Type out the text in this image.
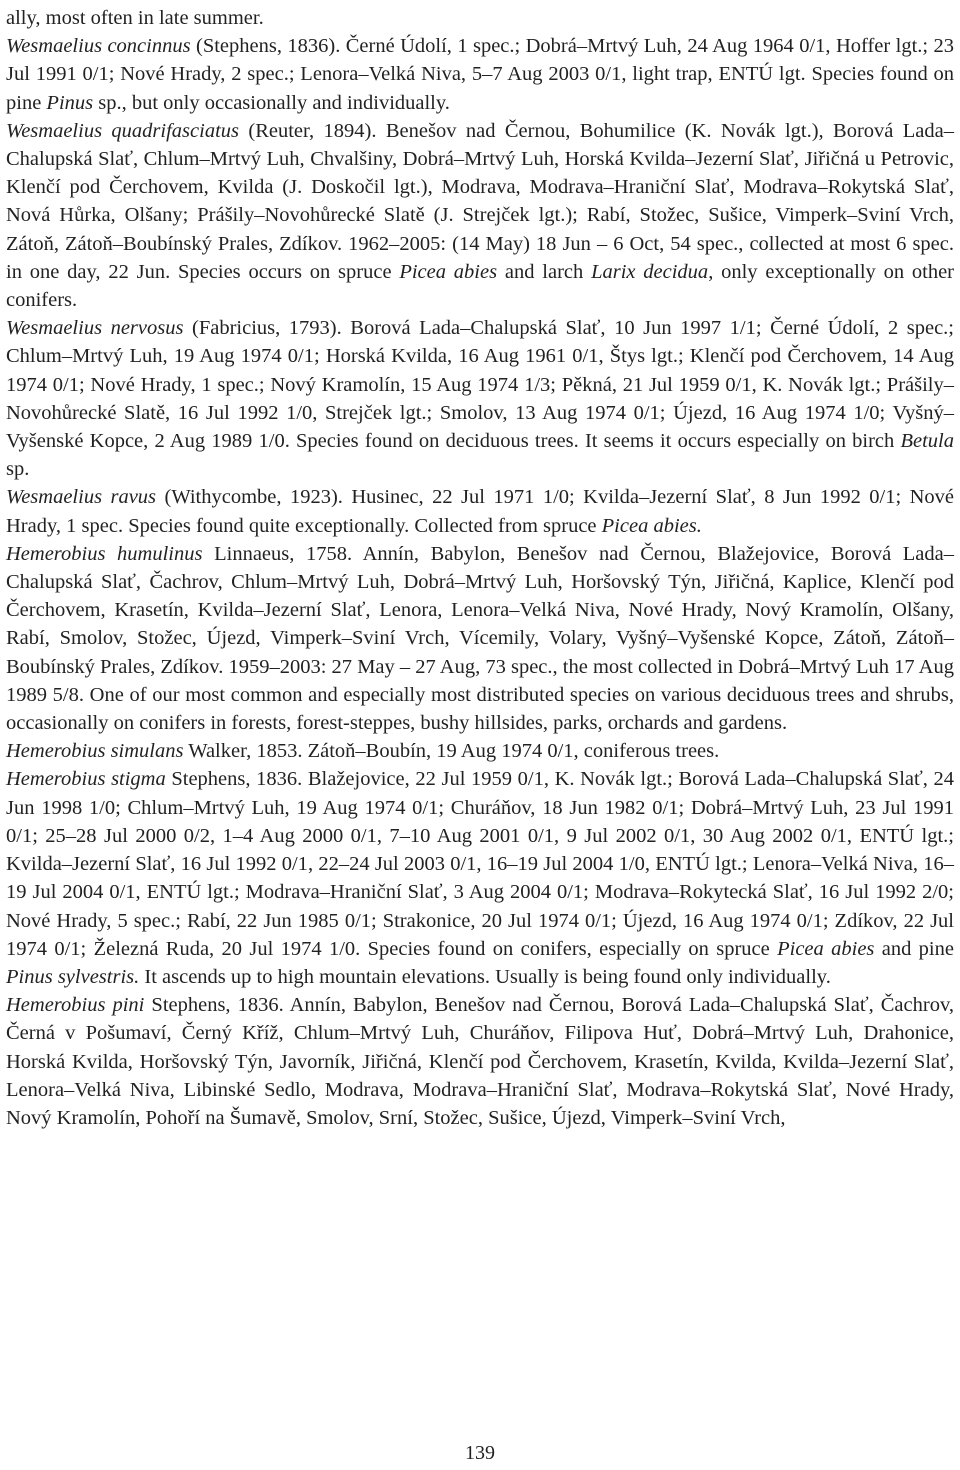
ally, most often in late summer.

Wesmaelius concinnus (Stephens, 1836). Černé Údolí, 1 spec.; Dobrá–Mrtvý Luh, 24 Aug 1964 0/1, Hoffer lgt.; 23 Jul 1991 0/1; Nové Hrady, 2 spec.; Lenora–Velká Niva, 5–7 Aug 2003 0/1, light trap, ENTÚ lgt. Species found on pine Pinus sp., but only occasionally and individually.

Wesmaelius quadrifasciatus (Reuter, 1894). Benešov nad Černou, Bohumilice (K. Novák lgt.), Borová Lada–Chalupská Slať, Chlum–Mrtvý Luh, Chvalšiny, Dobrá–Mrtvý Luh, Horská Kvilda–Jezerní Slať, Jiřičná u Petrovic, Klenčí pod Čerchovem, Kvilda (J. Doskočil lgt.), Modrava, Modrava–Hraniční Slať, Modrava–Rokytská Slať, Nová Hůrka, Olšany; Prášily–Novohůrecké Slatě (J. Strejček lgt.); Rabí, Stožec, Sušice, Vimperk–Sviní Vrch, Zátoň, Zátoň–Boubínský Prales, Zdíkov. 1962–2005: (14 May) 18 Jun – 6 Oct, 54 spec., collected at most 6 spec. in one day, 22 Jun. Species occurs on spruce Picea abies and larch Larix decidua, only exceptionally on other conifers.

Wesmaelius nervosus (Fabricius, 1793). Borová Lada–Chalupská Slať, 10 Jun 1997 1/1; Černé Údolí, 2 spec.; Chlum–Mrtvý Luh, 19 Aug 1974 0/1; Horská Kvilda, 16 Aug 1961 0/1, Štys lgt.; Klenčí pod Čerchovem, 14 Aug 1974 0/1; Nové Hrady, 1 spec.; Nový Kramolín, 15 Aug 1974 1/3; Pěkná, 21 Jul 1959 0/1, K. Novák lgt.; Prášily–Novohůrecké Slatě, 16 Jul 1992 1/0, Strejček lgt.; Smolov, 13 Aug 1974 0/1; Újezd, 16 Aug 1974 1/0; Vyšný–Vyšenské Kopce, 2 Aug 1989 1/0. Species found on deciduous trees. It seems it occurs especially on birch Betula sp.

Wesmaelius ravus (Withycombe, 1923). Husinec, 22 Jul 1971 1/0; Kvilda–Jezerní Slať, 8 Jun 1992 0/1; Nové Hrady, 1 spec. Species found quite exceptionally. Collected from spruce Picea abies.

Hemerobius humulinus Linnaeus, 1758. Annín, Babylon, Benešov nad Černou, Blažejovice, Borová Lada–Chalupská Slať, Čachrov, Chlum–Mrtvý Luh, Dobrá–Mrtvý Luh, Horšovský Týn, Jiřičná, Kaplice, Klenčí pod Čerchovem, Krasetín, Kvilda–Jezerní Slať, Lenora, Lenora–Velká Niva, Nové Hrady, Nový Kramolín, Olšany, Rabí, Smolov, Stožec, Újezd, Vimperk–Sviní Vrch, Vícemily, Volary, Vyšný–Vyšenské Kopce, Zátoň, Zátoň–Boubínský Prales, Zdíkov. 1959–2003: 27 May – 27 Aug, 73 spec., the most collected in Dobrá–Mrtvý Luh 17 Aug 1989 5/8. One of our most common and especially most distributed species on various deciduous trees and shrubs, occasionally on conifers in forests, forest-steppes, bushy hillsides, parks, orchards and gardens.

Hemerobius simulans Walker, 1853. Zátoň–Boubín, 19 Aug 1974 0/1, coniferous trees.

Hemerobius stigma Stephens, 1836. Blažejovice, 22 Jul 1959 0/1, K. Novák lgt.; Borová Lada–Chalupská Slať, 24 Jun 1998 1/0; Chlum–Mrtvý Luh, 19 Aug 1974 0/1; Churáňov, 18 Jun 1982 0/1; Dobrá–Mrtvý Luh, 23 Jul 1991 0/1; 25–28 Jul 2000 0/2, 1–4 Aug 2000 0/1, 7–10 Aug 2001 0/1, 9 Jul 2002 0/1, 30 Aug 2002 0/1, ENTÚ lgt.; Kvilda–Jezerní Slať, 16 Jul 1992 0/1, 22–24 Jul 2003 0/1, 16–19 Jul 2004 1/0, ENTÚ lgt.; Lenora–Velká Niva, 16–19 Jul 2004 0/1, ENTÚ lgt.; Modrava–Hraniční Slať, 3 Aug 2004 0/1; Modrava–Rokytecká Slať, 16 Jul 1992 2/0; Nové Hrady, 5 spec.; Rabí, 22 Jun 1985 0/1; Strakonice, 20 Jul 1974 0/1; Újezd, 16 Aug 1974 0/1; Zdíkov, 22 Jul 1974 0/1; Železná Ruda, 20 Jul 1974 1/0. Species found on conifers, especially on spruce Picea abies and pine Pinus sylvestris. It ascends up to high mountain elevations. Usually is being found only individually.

Hemerobius pini Stephens, 1836. Annín, Babylon, Benešov nad Černou, Borová Lada–Chalupská Slať, Čachrov, Černá v Pošumaví, Černý Kříž, Chlum–Mrtvý Luh, Churáňov, Filipova Huť, Dobrá–Mrtvý Luh, Drahonice, Horská Kvilda, Horšovský Týn, Javorník, Jiřičná, Klenčí pod Čerchovem, Krasetín, Kvilda, Kvilda–Jezerní Slať, Lenora–Velká Niva, Libinské Sedlo, Modrava, Modrava–Hraniční Slať, Modrava–Rokytská Slať, Nové Hrady, Nový Kramolín, Pohoří na Šumavě, Smolov, Srní, Stožec, Sušice, Újezd, Vimperk–Sviní Vrch,

139
